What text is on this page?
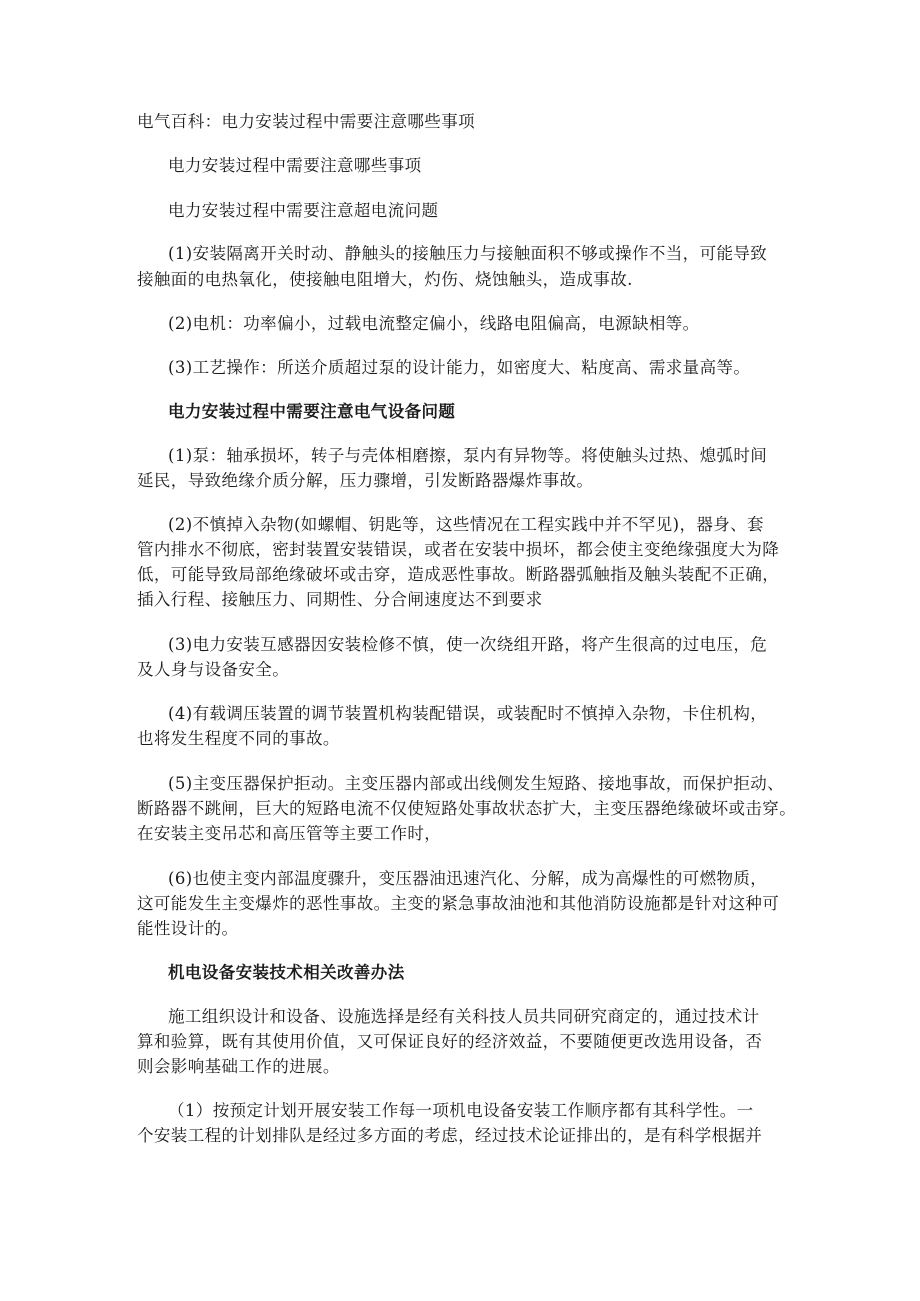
电气百科：电力安装过程中需要注意哪些事项
电力安装过程中需要注意哪些事项
电力安装过程中需要注意超电流问题
(1)安装隔离开关时动、静触头的接触压力与接触面积不够或操作不当，可能导致
接触面的电热氧化，使接触电阻增大，灼伤、烧蚀触头，造成事故.
(2)电机：功率偏小，过载电流整定偏小，线路电阻偏高，电源缺相等。
(3)工艺操作：所送介质超过泵的设计能力，如密度大、粘度高、需求量高等。
电力安装过程中需要注意电气设备问题
(1)泵：轴承损坏，转子与壳体相磨擦，泵内有异物等。将使触头过热、熄弧时间
延民，导致绝缘介质分解，压力骤增，引发断路器爆炸事故。
(2)不慎掉入杂物(如螺帽、钥匙等，这些情况在工程实践中并不罕见)，器身、套
管内排水不彻底，密封装置安装错误，或者在安装中损坏，都会使主变绝缘强度大为降
低，可能导致局部绝缘破坏或击穿，造成恶性事故。断路器弧触指及触头装配不正确，
插入行程、接触压力、同期性、分合闸速度达不到要求
(3)电力安装互感器因安装检修不慎，使一次绕组开路，将产生很高的过电压，危
及人身与设备安全。
(4)有载调压装置的调节装置机构装配错误，或装配时不慎掉入杂物，卡住机构，
也将发生程度不同的事故。
(5)主变压器保护拒动。主变压器内部或出线侧发生短路、接地事故，而保护拒动、
断路器不跳闸，巨大的短路电流不仅使短路处事故状态扩大，主变压器绝缘破坏或击穿。
在安装主变吊芯和高压管等主要工作时，
(6)也使主变内部温度骤升，变压器油迅速汽化、分解，成为高爆性的可燃物质，
这可能发生主变爆炸的恶性事故。主变的紧急事故油池和其他消防设施都是针对这种可
能性设计的。
机电设备安装技术相关改善办法
施工组织设计和设备、设施选择是经有关科技人员共同研究商定的，通过技术计
算和验算，既有其使用价值，又可保证良好的经济效益，不要随便更改选用设备，否
则会影响基础工作的进展。
（1）按预定计划开展安装工作每一项机电设备安装工作顺序都有其科学性。一
个安装工程的计划排队是经过多方面的考虑，经过技术论证排出的，是有科学根据并
